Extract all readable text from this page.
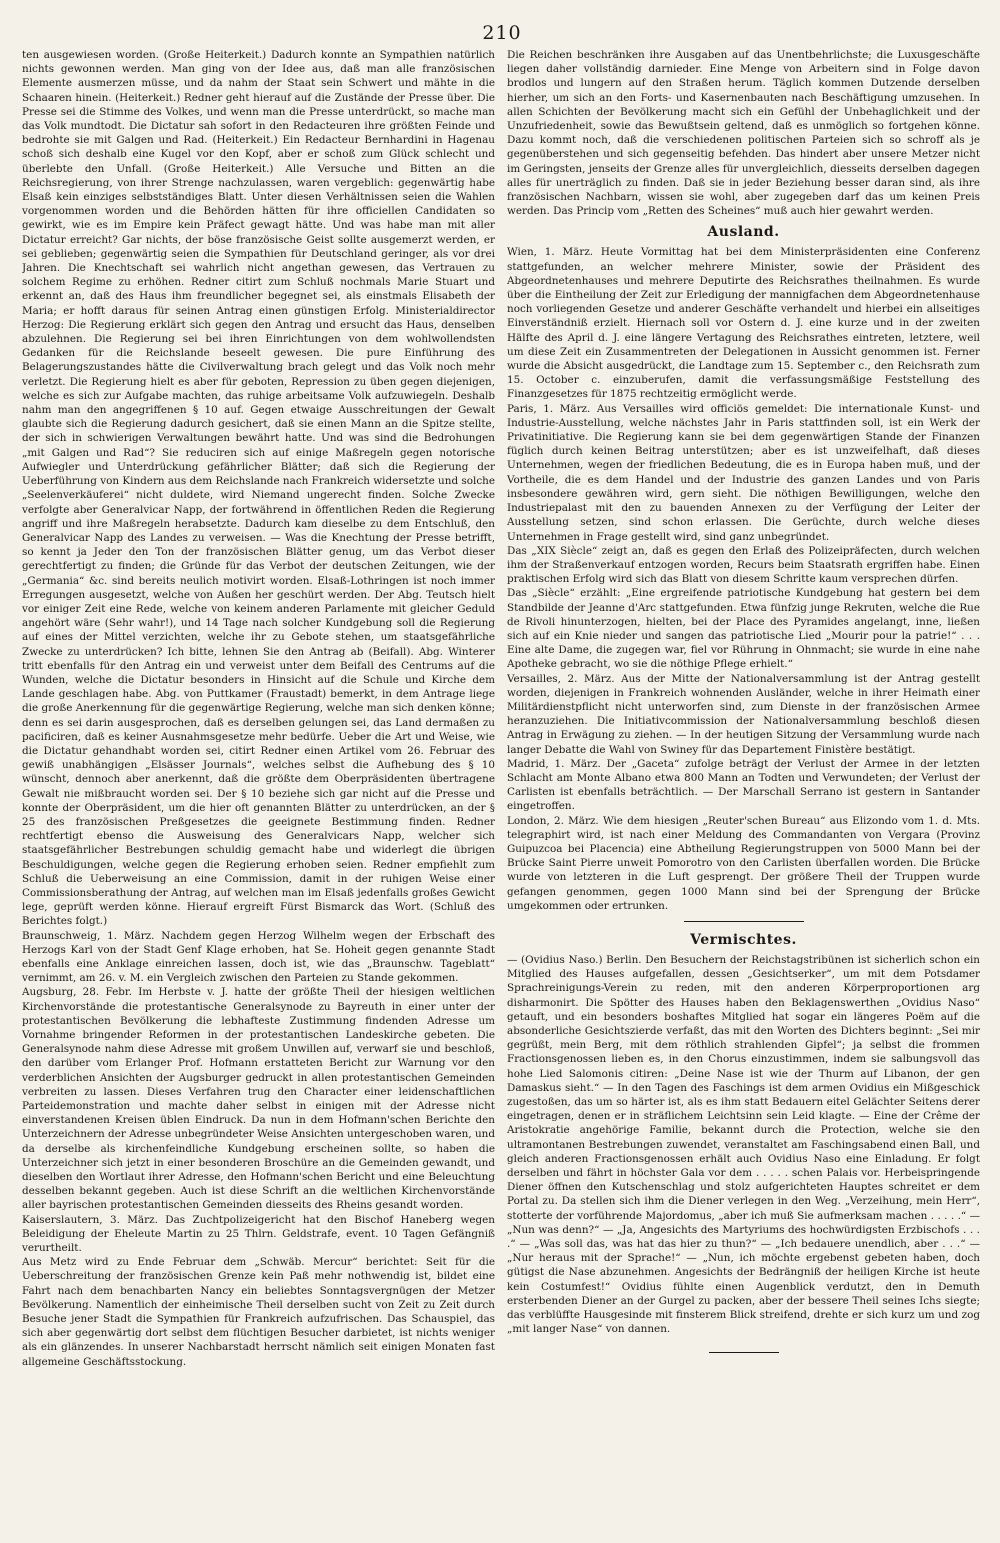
210

ten ausgewiesen worden. (Große Heiterkeit.) Dadurch konnte an Sympathien natürlich nichts gewonnen werden. Man ging von der Idee aus, daß man alle französischen Elemente ausmerzen müsse, und da nahm der Staat sein Schwert und mähte in die Schaaren hinein. (Heiterkeit.) Redner geht hierauf auf die Zustände der Presse über. Die Presse sei die Stimme des Volkes, und wenn man die Presse unterdrückt, so mache man das Volk mundtodt. Die Dictatur sah sofort in den Redacteuren ihre größten Feinde und bedrohte sie mit Galgen und Rad. (Heiterkeit.) Ein Redacteur Bernhardini in Hagenau schoß sich deshalb eine Kugel vor den Kopf, aber er schoß zum Glück schlecht und überlebte den Unfall. (Große Heiterkeit.) Alle Versuche und Bitten an die Reichsregierung, von ihrer Strenge nachzulassen, waren vergeblich: gegenwärtig habe Elsaß kein einziges selbstständiges Blatt. Unter diesen Verhältnissen seien die Wahlen vorgenommen worden und die Behörden hätten für ihre officiellen Candidaten so gewirkt, wie es im Empire kein Präfect gewagt hätte. Und was habe man mit aller Dictatur erreicht? Gar nichts, der böse französische Geist sollte ausgemerzt werden, er sei geblieben; gegenwärtig seien die Sympathien für Deutschland geringer, als vor drei Jahren. Die Knechtschaft sei wahrlich nicht angethan gewesen, das Vertrauen zu solchem Regime zu erhöhen. Redner citirt zum Schluß nochmals Marie Stuart und erkennt an, daß des Haus ihm freundlicher begegnet sei, als einstmals Elisabeth der Maria; er hofft daraus für seinen Antrag einen günstigen Erfolg. Ministerialdirector Herzog: Die Regierung erklärt sich gegen den Antrag und ersucht das Haus, denselben abzulehnen. Die Regierung sei bei ihren Einrichtungen von dem wohlwollendsten Gedanken für die Reichslande beseelt gewesen. Die pure Einführung des Belagerungszustandes hätte die Civilverwaltung brach gelegt und das Volk noch mehr verletzt. Die Regierung hielt es aber für geboten, Repression zu üben gegen diejenigen, welche es sich zur Aufgabe machten, das ruhige arbeitsame Volk aufzuwiegeln. Deshalb nahm man den angegriffenen § 10 auf. Gegen etwaige Ausschreitungen der Gewalt glaubte sich die Regierung dadurch gesichert, daß sie einen Mann an die Spitze stellte, der sich in schwierigen Verwaltungen bewährt hatte. Und was sind die Bedrohungen „mit Galgen und Rad“? Sie reduciren sich auf einige Maßregeln gegen notorische Aufwiegler und Unterdrückung gefährlicher Blätter; daß sich die Regierung der Ueberführung von Kindern aus dem Reichslande nach Frankreich widersetzte und solche „Seelenverkäuferei“ nicht duldete, wird Niemand ungerecht finden. Solche Zwecke verfolgte aber Generalvicar Napp, der fortwährend in öffentlichen Reden die Regierung angriff und ihre Maßregeln herabsetzte. Dadurch kam dieselbe zu dem Entschluß, den Generalvicar Napp des Landes zu verweisen. — Was die Knechtung der Presse betrifft, so kennt ja Jeder den Ton der französischen Blätter genug, um das Verbot dieser gerechtfertigt zu finden; die Gründe für das Verbot der deutschen Zeitungen, wie der „Germania“ &c. sind bereits neulich motivirt worden. Elsaß-Lothringen ist noch immer Erregungen ausgesetzt, welche von Außen her geschürt werden. Der Abg. Teutsch hielt vor einiger Zeit eine Rede, welche von keinem anderen Parlamente mit gleicher Geduld angehört wäre (Sehr wahr!), und 14 Tage nach solcher Kundgebung soll die Regierung auf eines der Mittel verzichten, welche ihr zu Gebote stehen, um staatsgefährliche Zwecke zu unterdrücken? Ich bitte, lehnen Sie den Antrag ab (Beifall). Abg. Winterer tritt ebenfalls für den Antrag ein und verweist unter dem Beifall des Centrums auf die Wunden, welche die Dictatur besonders in Hinsicht auf die Schule und Kirche dem Lande geschlagen habe. Abg. von Puttkamer (Fraustadt) bemerkt, in dem Antrage liege die große Anerkennung für die gegenwärtige Regierung, welche man sich denken könne; denn es sei darin ausgesprochen, daß es derselben gelungen sei, das Land dermaßen zu pacificiren, daß es keiner Ausnahmsgesetze mehr bedürfe. Ueber die Art und Weise, wie die Dictatur gehandhabt worden sei, citirt Redner einen Artikel vom 26. Februar des gewiß unabhängigen „Elsässer Journals“, welches selbst die Aufhebung des § 10 wünscht, dennoch aber anerkennt, daß die größte dem Oberpräsidenten übertragene Gewalt nie mißbraucht worden sei. Der § 10 beziehe sich gar nicht auf die Presse und konnte der Oberpräsident, um die hier oft genannten Blätter zu unterdrücken, an der § 25 des französischen Preßgesetzes die geeignete Bestimmung finden. Redner rechtfertigt ebenso die Ausweisung des Generalvicars Napp, welcher sich staatsgefährlicher Bestrebungen schuldig gemacht habe und widerlegt die übrigen Beschuldigungen, welche gegen die Regierung erhoben seien. Redner empfiehlt zum Schluß die Ueberweisung an eine Commission, damit in der ruhigen Weise einer Commissionsberathung der Antrag, auf welchen man im Elsaß jedenfalls großes Gewicht lege, geprüft werden könne. Hierauf ergreift Fürst Bismarck das Wort. (Schluß des Berichtes folgt.)

Braunschweig, 1. März. Nachdem gegen Herzog Wilhelm wegen der Erbschaft des Herzogs Karl von der Stadt Genf Klage erhoben, hat Se. Hoheit gegen genannte Stadt ebenfalls eine Anklage einreichen lassen, doch ist, wie das „Braunschw. Tageblatt“ vernimmt, am 26. v. M. ein Vergleich zwischen den Parteien zu Stande gekommen.

Augsburg, 28. Febr. Im Herbste v. J. hatte der größte Theil der hiesigen weltlichen Kirchenvorstände die protestantische Generalsynode zu Bayreuth in einer unter der protestantischen Bevölkerung die lebhafteste Zustimmung findenden Adresse um Vornahme bringender Reformen in der protestantischen Landeskirche gebeten. Die Generalsynode nahm diese Adresse mit großem Unwillen auf, verwarf sie und beschloß, den darüber vom Erlanger Prof. Hofmann erstatteten Bericht zur Warnung vor den verderblichen Ansichten der Augsburger gedruckt in allen protestantischen Gemeinden verbreiten zu lassen. Dieses Verfahren trug den Character einer leidenschaftlichen Parteidemonstration und machte daher selbst in einigen mit der Adresse nicht einverstandenen Kreisen üblen Eindruck. Da nun in dem Hofmann'schen Berichte den Unterzeichnern der Adresse unbegründeter Weise Ansichten untergeschoben waren, und da derselbe als kirchenfeindliche Kundgebung erscheinen sollte, so haben die Unterzeichner sich jetzt in einer besonderen Broschüre an die Gemeinden gewandt, und dieselben den Wortlaut ihrer Adresse, den Hofmann'schen Bericht und eine Beleuchtung desselben bekannt gegeben. Auch ist diese Schrift an die weltlichen Kirchenvorstände aller bayrischen protestantischen Gemeinden diesseits des Rheins gesandt worden.

Kaiserslautern, 3. März. Das Zuchtpolizeigericht hat den Bischof Haneberg wegen Beleidigung der Eheleute Martin zu 25 Thlrn. Geldstrafe, event. 10 Tagen Gefängniß verurtheilt.

Aus Metz wird zu Ende Februar dem „Schwäb. Mercur“ berichtet: Seit für die Ueberschreitung der französischen Grenze kein Paß mehr nothwendig ist, bildet eine Fahrt nach dem benachbarten Nancy ein beliebtes Sonntagsvergnügen der Metzer Bevölkerung. Namentlich der einheimische Theil derselben sucht von Zeit zu Zeit durch Besuche jener Stadt die Sympathien für Frankreich aufzufrischen. Das Schauspiel, das sich aber gegenwärtig dort selbst dem flüchtigen Besucher darbietet, ist nichts weniger als ein glänzendes. In unserer Nachbarstadt herrscht nämlich seit einigen Monaten fast allgemeine Geschäftsstockung.

Die Reichen beschränken ihre Ausgaben auf das Unentbehrlichste; die Luxusgeschäfte liegen daher vollständig darnieder. Eine Menge von Arbeitern sind in Folge davon brodlos und lungern auf den Straßen herum. Täglich kommen Dutzende derselben hierher, um sich an den Forts- und Kasernenbauten nach Beschäftigung umzusehen. In allen Schichten der Bevölkerung macht sich ein Gefühl der Unbehaglichkeit und der Unzufriedenheit, sowie das Bewußtsein geltend, daß es unmöglich so fortgehen könne. Dazu kommt noch, daß die verschiedenen politischen Parteien sich so schroff als je gegenüberstehen und sich gegenseitig befehden. Das hindert aber unsere Metzer nicht im Geringsten, jenseits der Grenze alles für unvergleichlich, diesseits derselben dagegen alles für unerträglich zu finden. Daß sie in jeder Beziehung besser daran sind, als ihre französischen Nachbarn, wissen sie wohl, aber zugegeben darf das um keinen Preis werden. Das Princip vom „Retten des Scheines“ muß auch hier gewahrt werden.

Ausland.

Wien, 1. März. Heute Vormittag hat bei dem Ministerpräsidenten eine Conferenz stattgefunden, an welcher mehrere Minister, sowie der Präsident des Abgeordnetenhauses und mehrere Deputirte des Reichsrathes theilnahmen. Es wurde über die Eintheilung der Zeit zur Erledigung der mannigfachen dem Abgeordnetenhause noch vorliegenden Gesetze und anderer Geschäfte verhandelt und hierbei ein allseitiges Einverständniß erzielt. Hiernach soll vor Ostern d. J. eine kurze und in der zweiten Hälfte des April d. J. eine längere Vertagung des Reichsrathes eintreten, letztere, weil um diese Zeit ein Zusammentreten der Delegationen in Aussicht genommen ist. Ferner wurde die Absicht ausgedrückt, die Landtage zum 15. September c., den Reichsrath zum 15. October c. einzuberufen, damit die verfassungsmäßige Feststellung des Finanzgesetzes für 1875 rechtzeitig ermöglicht werde.

Paris, 1. März. Aus Versailles wird officiös gemeldet: Die internationale Kunst- und Industrie-Ausstellung, welche nächstes Jahr in Paris stattfinden soll, ist ein Werk der Privatinitiative. Die Regierung kann sie bei dem gegenwärtigen Stande der Finanzen füglich durch keinen Beitrag unterstützen; aber es ist unzweifelhaft, daß dieses Unternehmen, wegen der friedlichen Bedeutung, die es in Europa haben muß, und der Vortheile, die es dem Handel und der Industrie des ganzen Landes und von Paris insbesondere gewähren wird, gern sieht. Die nöthigen Bewilligungen, welche den Industriepalast mit den zu bauenden Annexen zu der Verfügung der Leiter der Ausstellung setzen, sind schon erlassen. Die Gerüchte, durch welche dieses Unternehmen in Frage gestellt wird, sind ganz unbegründet.

Das „XIX Siècle“ zeigt an, daß es gegen den Erlaß des Polizeipräfecten, durch welchen ihm der Straßenverkauf entzogen worden, Recurs beim Staatsrath ergriffen habe. Einen praktischen Erfolg wird sich das Blatt von diesem Schritte kaum versprechen dürfen.

Das „Siècle“ erzählt: „Eine ergreifende patriotische Kundgebung hat gestern bei dem Standbilde der Jeanne d'Arc stattgefunden. Etwa fünfzig junge Rekruten, welche die Rue de Rivoli hinunterzogen, hielten, bei der Place des Pyramides angelangt, inne, ließen sich auf ein Knie nieder und sangen das patriotische Lied „Mourir pour la patrie!“ . . . Eine alte Dame, die zugegen war, fiel vor Rührung in Ohnmacht; sie wurde in eine nahe Apotheke gebracht, wo sie die nöthige Pflege erhielt.“

Versailles, 2. März. Aus der Mitte der Nationalversammlung ist der Antrag gestellt worden, diejenigen in Frankreich wohnenden Ausländer, welche in ihrer Heimath einer Militärdienstpflicht nicht unterworfen sind, zum Dienste in der französischen Armee heranzuziehen. Die Initiativcommission der Nationalversammlung beschloß diesen Antrag in Erwägung zu ziehen. — In der heutigen Sitzung der Versammlung wurde nach langer Debatte die Wahl von Swiney für das Departement Finistère bestätigt.

Madrid, 1. März. Der „Gaceta“ zufolge beträgt der Verlust der Armee in der letzten Schlacht am Monte Albano etwa 800 Mann an Todten und Verwundeten; der Verlust der Carlisten ist ebenfalls beträchtlich. — Der Marschall Serrano ist gestern in Santander eingetroffen.

London, 2. März. Wie dem hiesigen „Reuter'schen Bureau“ aus Elizondo vom 1. d. Mts. telegraphirt wird, ist nach einer Meldung des Commandanten von Vergara (Provinz Guipuzcoa bei Placencia) eine Abtheilung Regierungstruppen von 5000 Mann bei der Brücke Saint Pierre unweit Pomorotro von den Carlisten überfallen worden. Die Brücke wurde von letzteren in die Luft gesprengt. Der größere Theil der Truppen wurde gefangen genommen, gegen 1000 Mann sind bei der Sprengung der Brücke umgekommen oder ertrunken.

Vermischtes.

— (Ovidius Naso.) Berlin. Den Besuchern der Reichstagstribünen ist sicherlich schon ein Mitglied des Hauses aufgefallen, dessen „Gesichtserker“, um mit dem Potsdamer Sprachreinigungs-Verein zu reden, mit den anderen Körperproportionen arg disharmonirt. Die Spötter des Hauses haben den Beklagenswerthen „Ovidius Naso“ getauft, und ein besonders boshaftes Mitglied hat sogar ein längeres Poëm auf die absonderliche Gesichtszierde verfaßt, das mit den Worten des Dichters beginnt: „Sei mir gegrüßt, mein Berg, mit dem röthlich strahlenden Gipfel“; ja selbst die frommen Fractionsgenossen lieben es, in den Chorus einzustimmen, indem sie salbungsvoll das hohe Lied Salomonis citiren: „Deine Nase ist wie der Thurm auf Libanon, der gen Damaskus sieht.“ — In den Tagen des Faschings ist dem armen Ovidius ein Mißgeschick zugestoßen, das um so härter ist, als es ihm statt Bedauern eitel Gelächter Seitens derer eingetragen, denen er in sträflichem Leichtsinn sein Leid klagte. — Eine der Crême der Aristokratie angehörige Familie, bekannt durch die Protection, welche sie den ultramontanen Bestrebungen zuwendet, veranstaltet am Faschingsabend einen Ball, und gleich anderen Fractionsgenossen erhält auch Ovidius Naso eine Einladung. Er folgt derselben und fährt in höchster Gala vor dem . . . . . schen Palais vor. Herbeispringende Diener öffnen den Kutschenschlag und stolz aufgerichteten Hauptes schreitet er dem Portal zu. Da stellen sich ihm die Diener verlegen in den Weg. „Verzeihung, mein Herr“, stotterte der vorführende Majordomus, „aber ich muß Sie aufmerksam machen . . . . .“ — „Nun was denn?“ — „Ja, Angesichts des Martyriums des hochwürdigsten Erzbischofs . . . .“ — „Was soll das, was hat das hier zu thun?“ — „Ich bedauere unendlich, aber . . .“ — „Nur heraus mit der Sprache!“ — „Nun, ich möchte ergebenst gebeten haben, doch gütigst die Nase abzunehmen. Angesichts der Bedrängniß der heiligen Kirche ist heute kein Costumfest!“ Ovidius fühlte einen Augenblick verdutzt, den in Demuth ersterbenden Diener an der Gurgel zu packen, aber der bessere Theil seines Ichs siegte; das verblüffte Hausgesinde mit finsterem Blick streifend, drehte er sich kurz um und zog „mit langer Nase“ von dannen.
